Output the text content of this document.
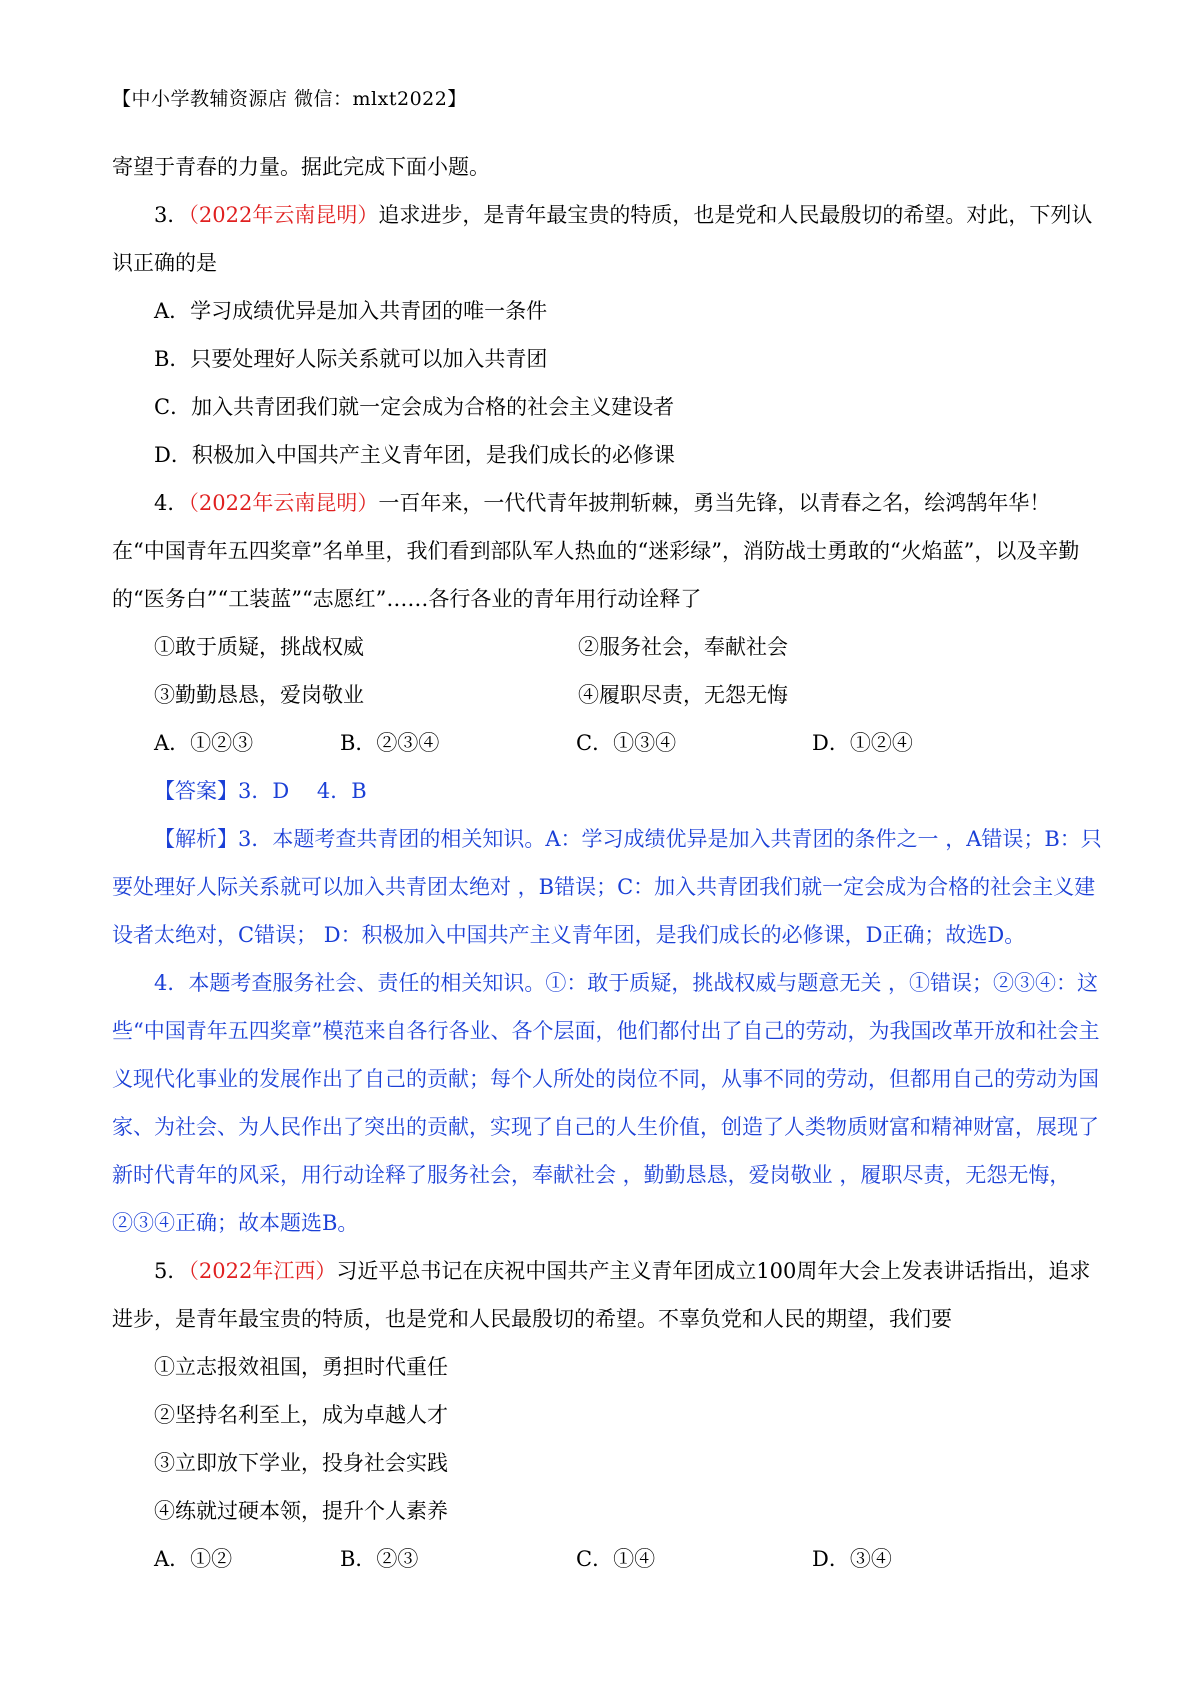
【中小学教辅资源店 微信：mlxt2022】

寄望于青春的力量。据此完成下面小题。

3．（2022年云南昆明）追求进步，是青年最宝贵的特质，也是党和人民最殷切的希望。对此，下列认识正确的是

A．学习成绩优异是加入共青团的唯一条件

B．只要处理好人际关系就可以加入共青团

C．加入共青团我们就一定会成为合格的社会主义建设者

D．积极加入中国共产主义青年团，是我们成长的必修课

4．（2022年云南昆明）一百年来，一代代青年披荆斩棘，勇当先锋，以青春之名，绘鸿鹄年华！在“中国青年五四奖章”名单里，我们看到部队军人热血的“迷彩绿”，消防战士勇敢的“火焰蓝”，以及辛勤的“医务白”“工装蓝”“志愿红”……各行各业的青年用行动诠释了

①敢于质疑，挑战权威	②服务社会，奉献社会
③勤勤恳恳，爱岗敬业	④履职尽责，无怨无悔
A．①②③	B．②③④	C．①③④	D．①②④

【答案】3．D　 4．B

【解析】3．本题考查共青团的相关知识。A：学习成绩优异是加入共青团的条件之一 ，A错误；B：只要处理好人际关系就可以加入共青团太绝对 ，B错误；C：加入共青团我们就一定会成为合格的社会主义建设者太绝对，C错误； D：积极加入中国共产主义青年团，是我们成长的必修课，D正确；故选D。

4．本题考查服务社会、责任的相关知识。①：敢于质疑，挑战权威与题意无关 ，①错误；②③④：这些“中国青年五四奖章”模范来自各行各业、各个层面，他们都付出了自己的劳动，为我国改革开放和社会主义现代化事业的发展作出了自己的贡献；每个人所处的岗位不同，从事不同的劳动，但都用自己的劳动为国家、为社会、为人民作出了突出的贡献，实现了自己的人生价值，创造了人类物质财富和精神财富，展现了新时代青年的风采，用行动诠释了服务社会，奉献社会 ，勤勤恳恳，爱岗敬业 ，履职尽责，无怨无悔，②③④正确；故本题选B。

5．（2022年江西）习近平总书记在庆祝中国共产主义青年团成立100周年大会上发表讲话指出，追求进步，是青年最宝贵的特质，也是党和人民最殷切的希望。不辜负党和人民的期望，我们要

①立志报效祖国，勇担时代重任

②坚持名利至上，成为卓越人才

③立即放下学业，投身社会实践

④练就过硬本领，提升个人素养

A．①②	B．②③	C．①④	D．③④
